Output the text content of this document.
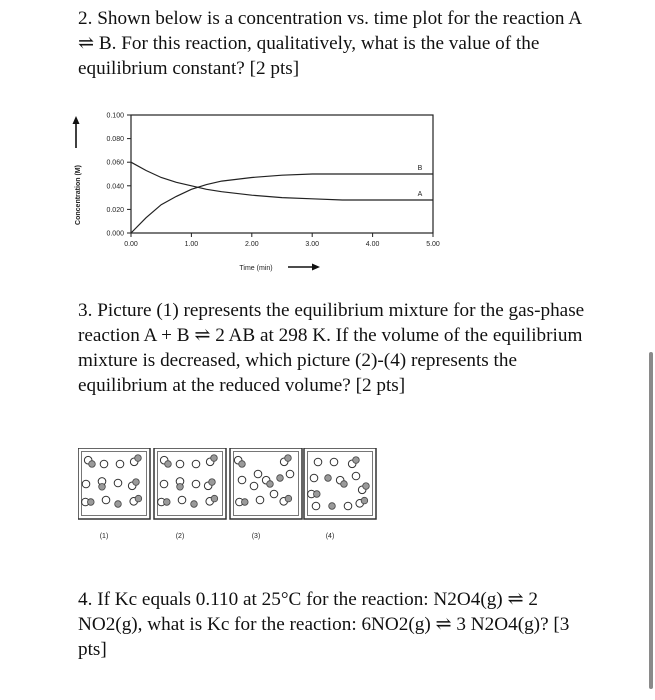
2. Shown below is a concentration vs. time plot for the reaction A ⇌ B. For this reaction, qualitatively, what is the value of the equilibrium constant? [2 pts]

0.000
0.020
0.040
0.060
0.080
0.100
0.00	1.00	2.00	3.00	4.00	5.00
A
B
Concentration (M)
Time (min)

3. Picture (1) represents the equilibrium mixture for the gas-phase reaction A + B ⇌ 2 AB at 298 K. If the volume of the equilibrium mixture is decreased, which picture (2)-(4) represents the equilibrium at the reduced volume? [2 pts]

(1)	(2)	(3)	(4)

4. If Kc equals 0.110 at 25°C for the reaction: N2O4(g) ⇌ 2 NO2(g), what is Kc for the reaction: 6NO2(g) ⇌ 3 N2O4(g)? [3 pts]
